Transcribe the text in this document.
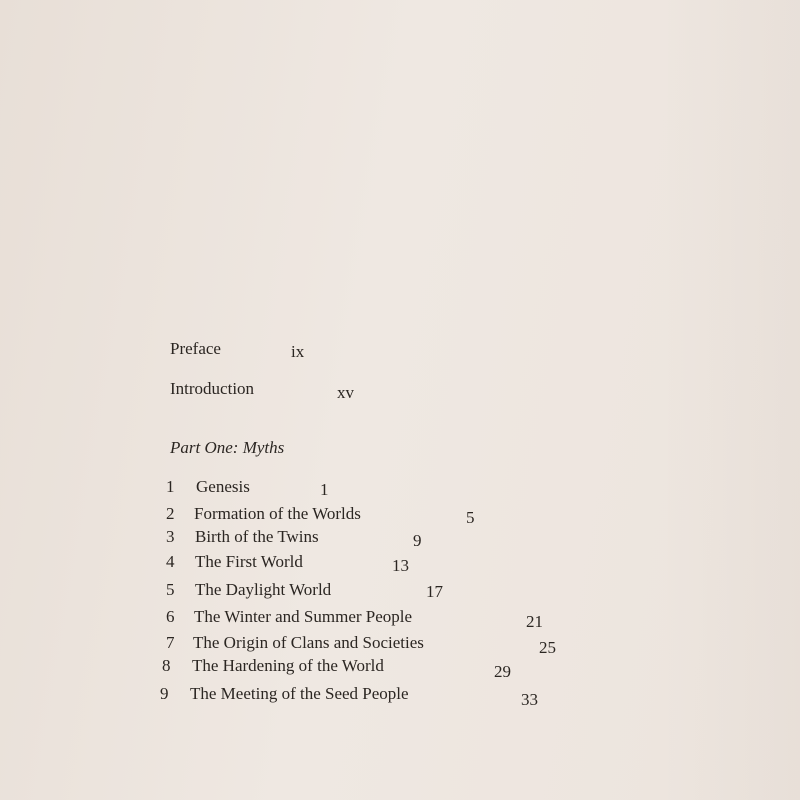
Preface	ix
Introduction	xv
Part One: Myths
1 Genesis	1
2 Formation of the Worlds	5
3 Birth of the Twins	9
4 The First World	13
5 The Daylight World	17
6 The Winter and Summer People	21
7 The Origin of Clans and Societies	25
8 The Hardening of the World	29
9 The Meeting of the Seed People	33
